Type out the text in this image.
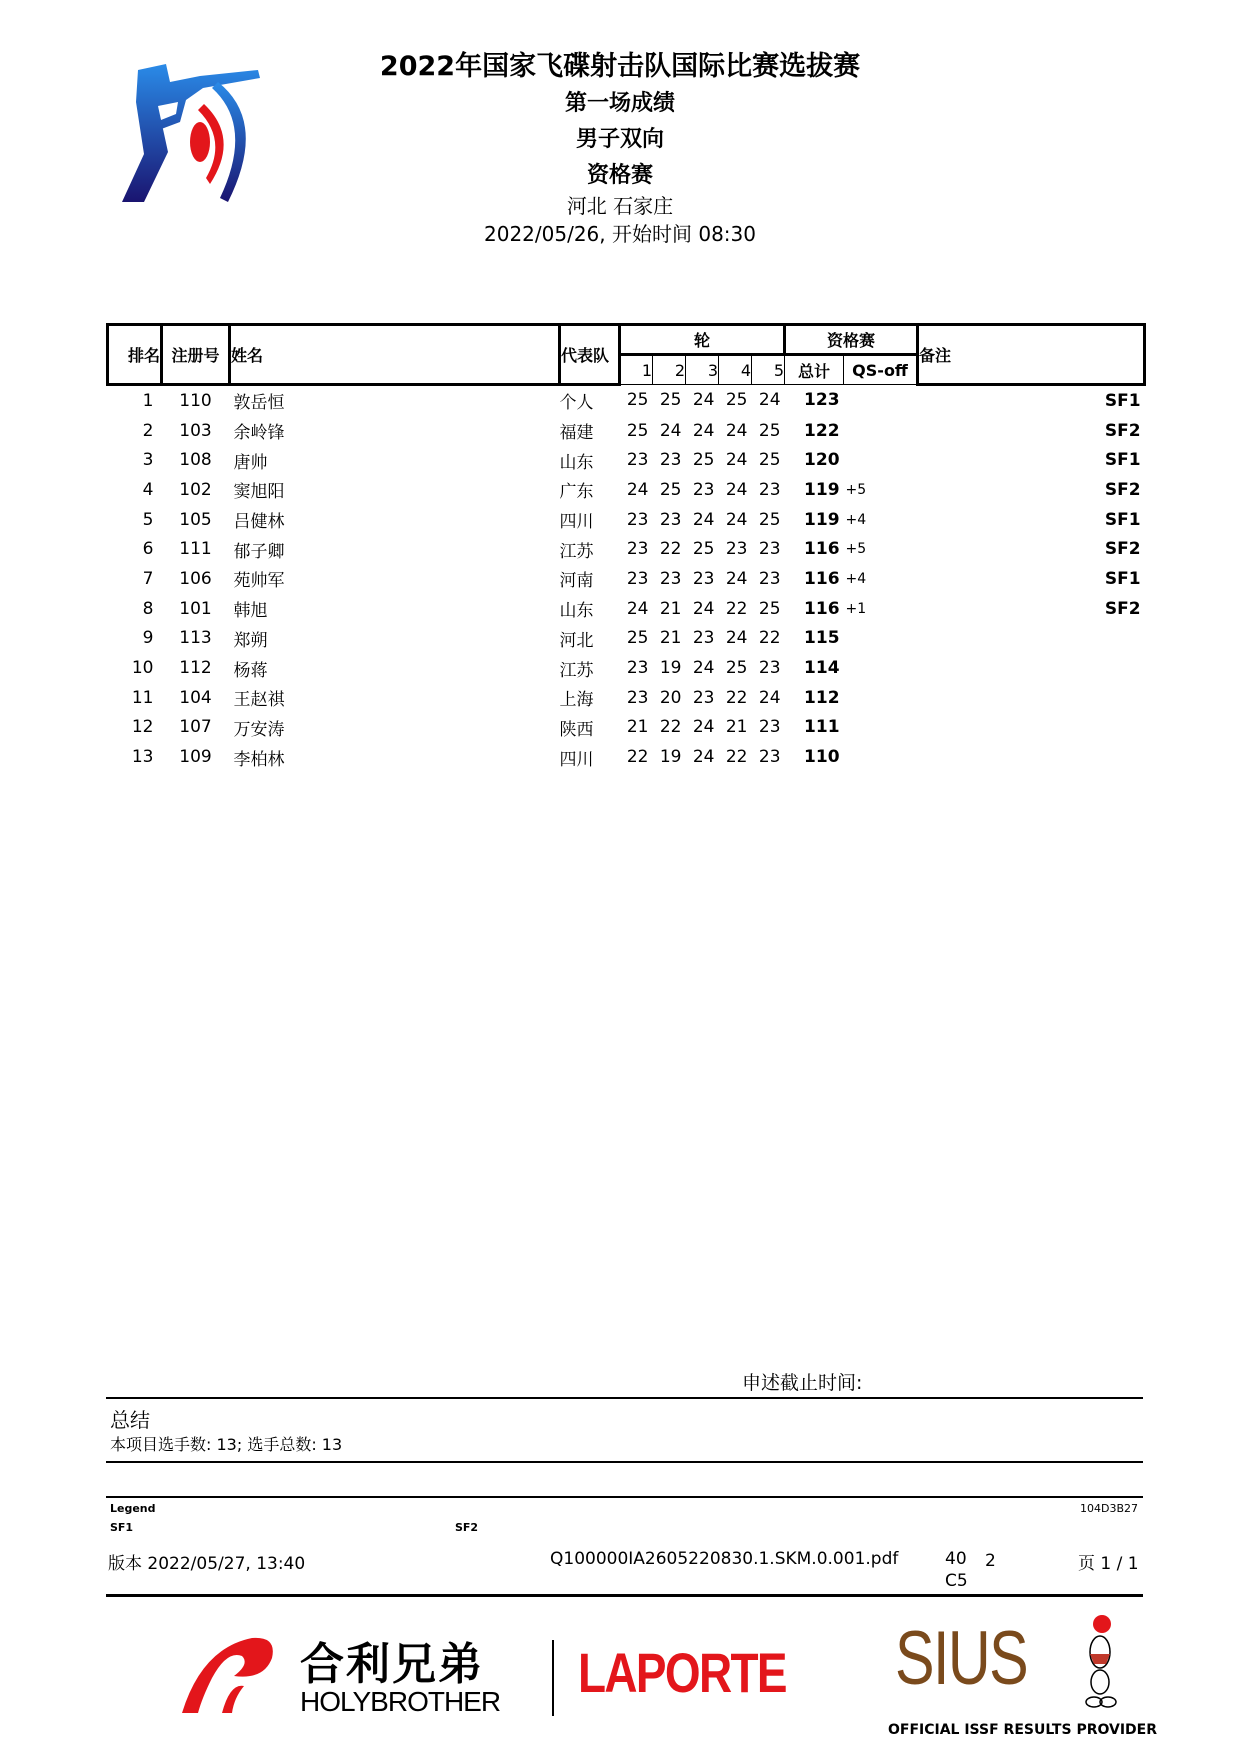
2022年国家飞碟射击队国际比赛选拔赛
第一场成绩
男子双向
资格赛
河北 石家庄
2022/05/26, 开始时间 08:30
排名	注册号	姓名	代表队	轮					资格赛		备注
				1	2	3	4	5	总计	QS-off	
1	110	敦岳恒	个人	25	25	24	25	24	123		SF1
2	103	余岭锋	福建	25	24	24	24	25	122		SF2
3	108	唐帅	山东	23	23	25	24	25	120		SF1
4	102	窦旭阳	广东	24	25	23	24	23	119	+5	SF2
5	105	吕健林	四川	23	23	24	24	25	119	+4	SF1
6	111	郁子卿	江苏	23	22	25	23	23	116	+5	SF2
7	106	苑帅军	河南	23	23	23	24	23	116	+4	SF1
8	101	韩旭	山东	24	21	24	22	25	116	+1	SF2
9	113	郑朔	河北	25	21	23	24	22	115		
10	112	杨蒋	江苏	23	19	24	25	23	114		
11	104	王赵祺	上海	23	20	23	22	24	112		
12	107	万安涛	陕西	21	22	24	21	23	111		
13	109	李柏林	四川	22	19	24	22	23	110		
申述截止时间:
总结
本项目选手数: 13; 选手总数: 13
Legend	104D3B27
SF1	SF2
版本 2022/05/27, 13:40	Q100000IA2605220830.1.SKM.0.001.pdf	40 2
C5
页 1 / 1
合利兄弟
HOLYBROTHER LAPORTE SIUS
OFFICIAL ISSF RESULTS PROVIDER
